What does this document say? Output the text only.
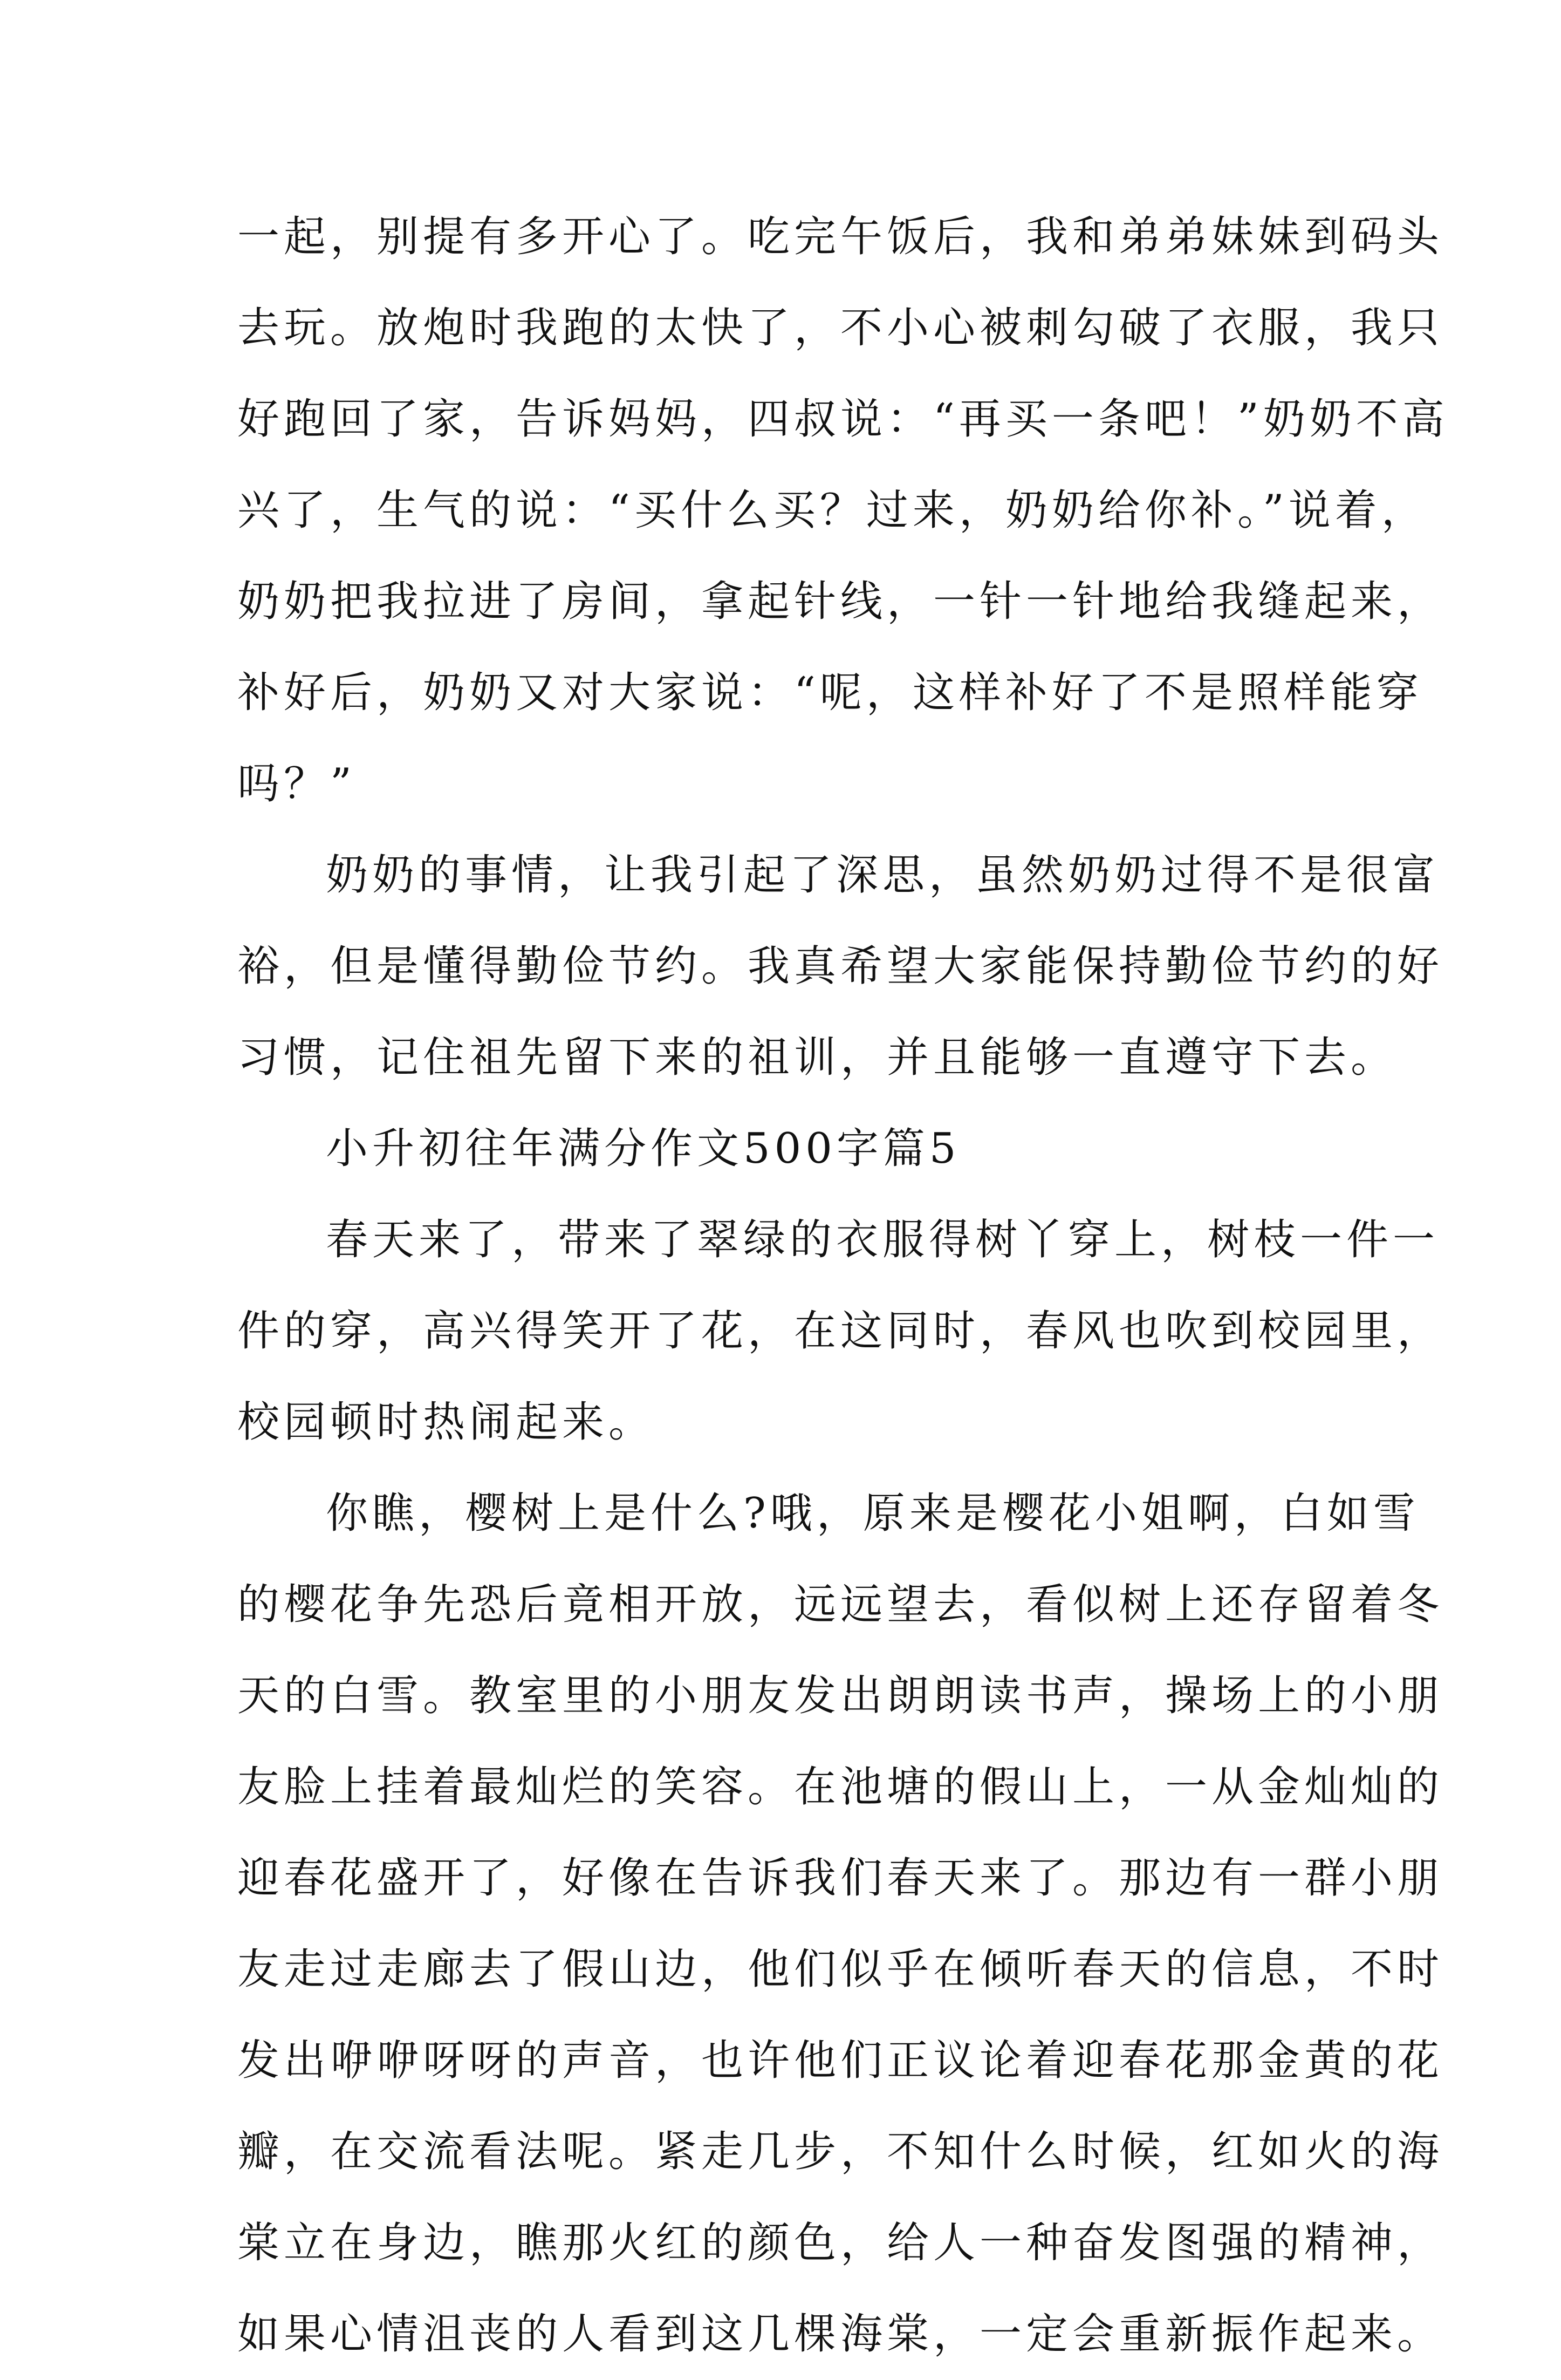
一起，别提有多开心了。吃完午饭后，我和弟弟妹妹到码头
去玩。放炮时我跑的太快了，不小心被刺勾破了衣服，我只
好跑回了家，告诉妈妈，四叔说：“再买一条吧！”奶奶不高
兴了，生气的说：“买什么买？过来，奶奶给你补。”说着，
奶奶把我拉进了房间，拿起针线，一针一针地给我缝起来，
补好后，奶奶又对大家说：“呢，这样补好了不是照样能穿
吗？”
奶奶的事情，让我引起了深思，虽然奶奶过得不是很富
裕，但是懂得勤俭节约。我真希望大家能保持勤俭节约的好
习惯，记住祖先留下来的祖训，并且能够一直遵守下去。
小升初往年满分作文500字篇5
春天来了，带来了翠绿的衣服得树丫穿上，树枝一件一
件的穿，高兴得笑开了花，在这同时，春风也吹到校园里，
校园顿时热闹起来。
你瞧，樱树上是什么?哦，原来是樱花小姐啊，白如雪
的樱花争先恐后竟相开放，远远望去，看似树上还存留着冬
天的白雪。教室里的小朋友发出朗朗读书声，操场上的小朋
友脸上挂着最灿烂的笑容。在池塘的假山上，一从金灿灿的
迎春花盛开了，好像在告诉我们春天来了。那边有一群小朋
友走过走廊去了假山边，他们似乎在倾听春天的信息，不时
发出咿咿呀呀的声音，也许他们正议论着迎春花那金黄的花
瓣，在交流看法呢。紧走几步，不知什么时候，红如火的海
棠立在身边，瞧那火红的颜色，给人一种奋发图强的精神，
如果心情沮丧的人看到这几棵海棠，一定会重新振作起来。
